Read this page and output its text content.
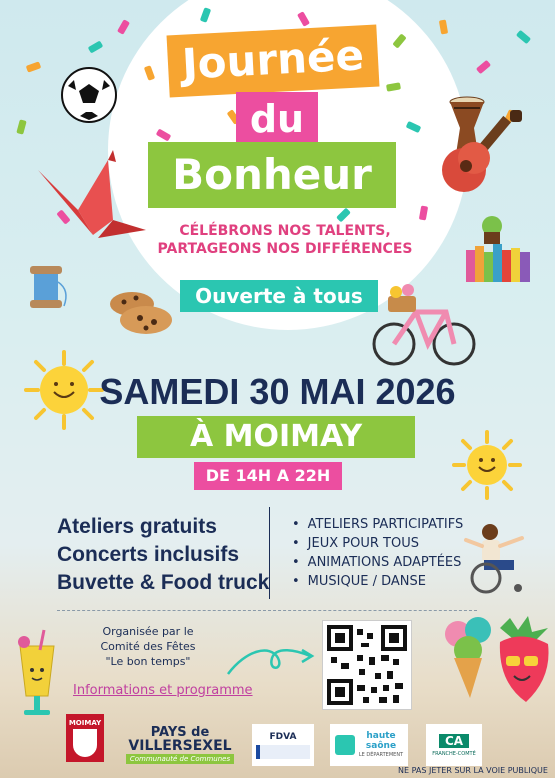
Journée
du
Bonheur
CÉLÉBRONS NOS TALENTS,
PARTAGEONS NOS DIFFÉRENCES
Ouverte à tous
SAMEDI 30 MAI 2026
À MOIMAY
DE 14H A 22H
Ateliers gratuits
Concerts inclusifs
Buvette & Food truck
• ATELIERS PARTICIPATIFS
• JEUX POUR TOUS
• ANIMATIONS ADAPTÉES
• MUSIQUE / DANSE
Organisée par le
Comité des Fêtes
"Le bon temps"
Informations et programme
MOIMAY
PAYS de
VILLERSEXEL
Communauté de Communes
FDVA	haute
saône
LE DÉPARTEMENT
CA
FRANCHE-COMTÉ
NE PAS JETER SUR LA VOIE PUBLIQUE
